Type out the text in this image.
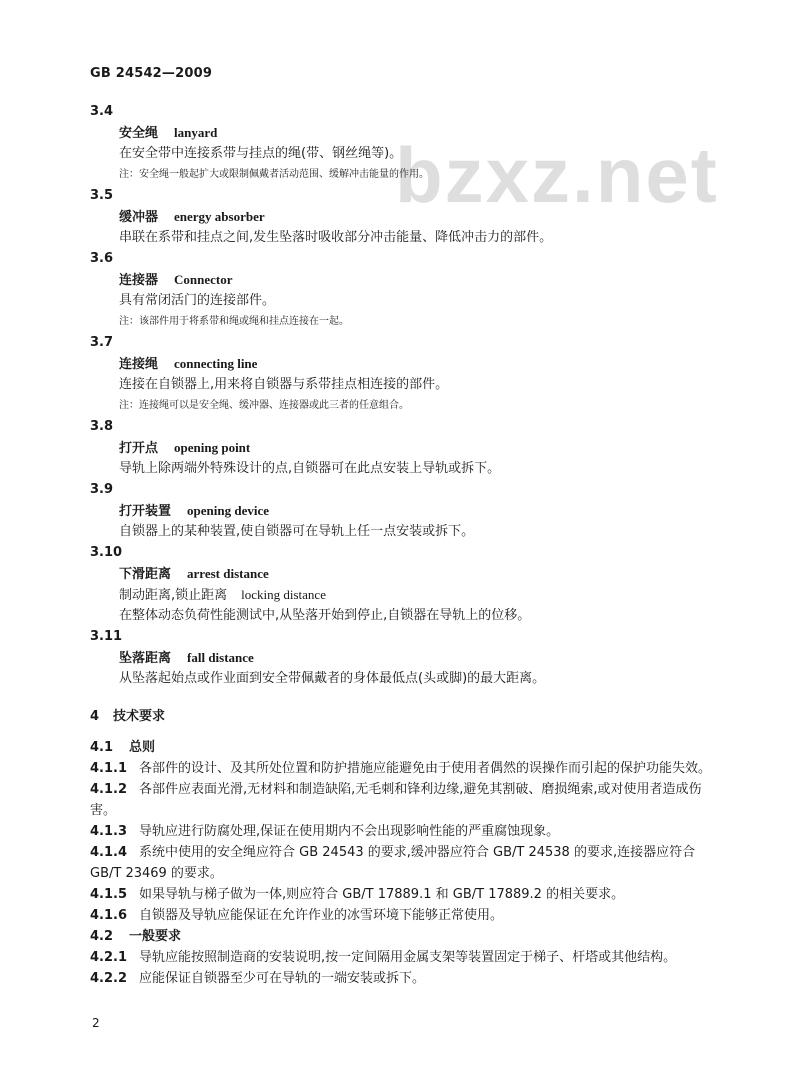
GB 24542—2009
bzxz.net
3.4
安全绳 lanyard
在安全带中连接系带与挂点的绳(带、钢丝绳等)。
注：安全绳一般起扩大或限制佩戴者活动范围、缓解冲击能量的作用。
3.5
缓冲器 energy absorber
串联在系带和挂点之间,发生坠落时吸收部分冲击能量、降低冲击力的部件。
3.6
连接器 Connector
具有常闭活门的连接部件。
注：该部件用于将系带和绳或绳和挂点连接在一起。
3.7
连接绳 connecting line
连接在自锁器上,用来将自锁器与系带挂点相连接的部件。
注：连接绳可以是安全绳、缓冲器、连接器或此三者的任意组合。
3.8
打开点 opening point
导轨上除两端外特殊设计的点,自锁器可在此点安装上导轨或拆下。
3.9
打开装置 opening device
自锁器上的某种装置,使自锁器可在导轨上任一点安装或拆下。
3.10
下滑距离 arrest distance
制动距离,锁止距离 locking distance
在整体动态负荷性能测试中,从坠落开始到停止,自锁器在导轨上的位移。
3.11
坠落距离 fall distance
从坠落起始点或作业面到安全带佩戴者的身体最低点(头或脚)的最大距离。
4 技术要求
4.1 总则
4.1.1 各部件的设计、及其所处位置和防护措施应能避免由于使用者偶然的误操作而引起的保护功能失效。
4.1.2 各部件应表面光滑,无材料和制造缺陷,无毛刺和锋利边缘,避免其割破、磨损绳索,或对使用者造成伤害。
4.1.3 导轨应进行防腐处理,保证在使用期内不会出现影响性能的严重腐蚀现象。
4.1.4 系统中使用的安全绳应符合 GB 24543 的要求,缓冲器应符合 GB/T 24538 的要求,连接器应符合 GB/T 23469 的要求。
4.1.5 如果导轨与梯子做为一体,则应符合 GB/T 17889.1 和 GB/T 17889.2 的相关要求。
4.1.6 自锁器及导轨应能保证在允许作业的冰雪环境下能够正常使用。
4.2 一般要求
4.2.1 导轨应能按照制造商的安装说明,按一定间隔用金属支架等装置固定于梯子、杆塔或其他结构。
4.2.2 应能保证自锁器至少可在导轨的一端安装或拆下。
2
